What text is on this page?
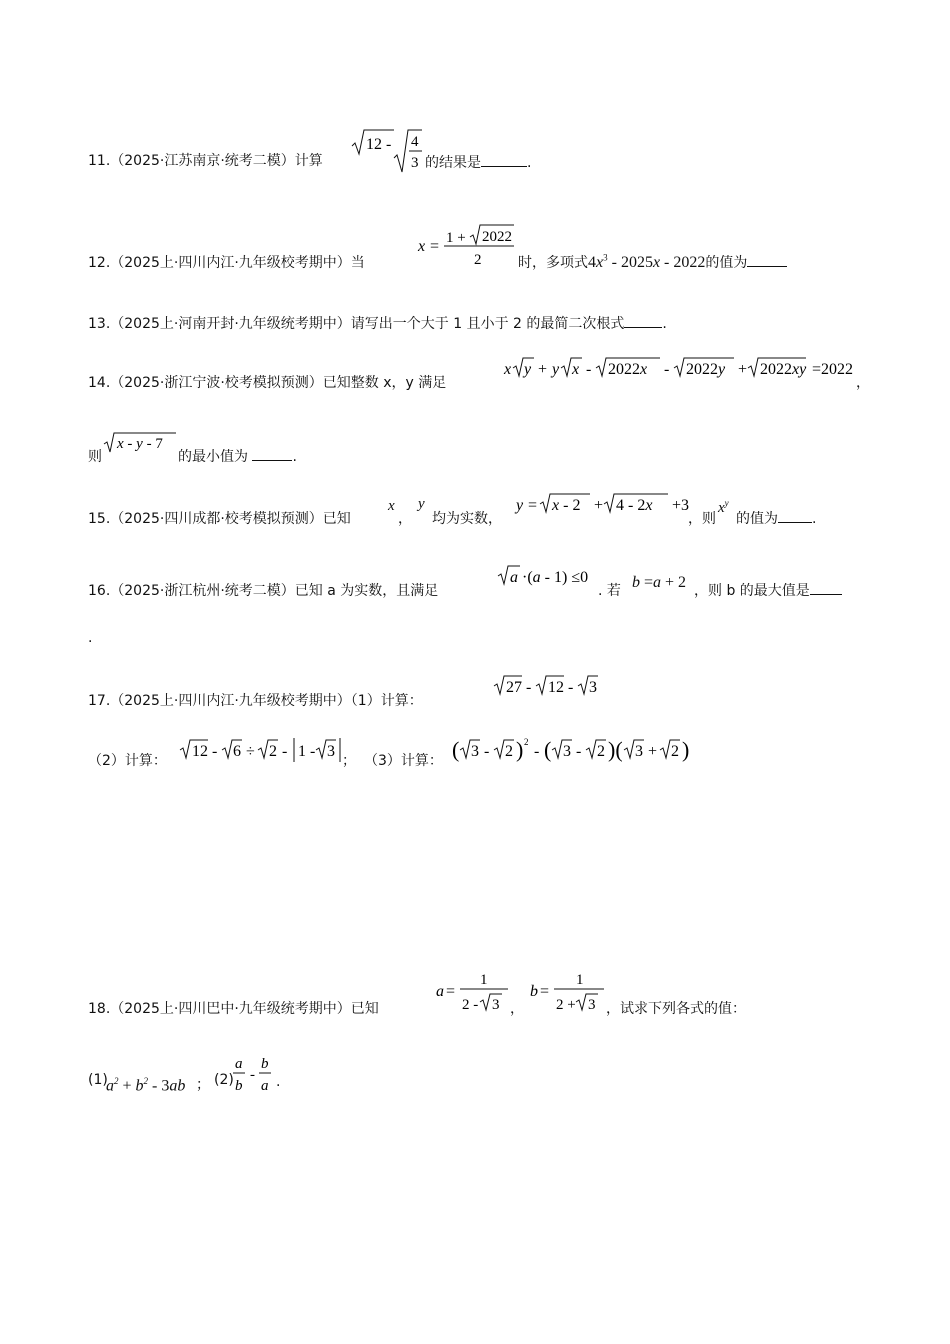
11.（2025·江苏南京·统考二模）计算
12 - 4
3 的结果是	.
12.（2025上·四川内江·九年级校考期中）当
x = 1 + 2022
2	时，多项式$4x^3 - 2025x - 2022$的值为
13.（2025上·河南开封·九年级统考期中）请写出一个大于 1 且小于 2 的最简二次根式	.
14.（2025·浙江宁波·校考模拟预测）已知整数 x，y 满足
x y + y x - 2022x - 2022y + 2022xy =2022
，
则
x - y - 7
的最小值为	.
15.（2025·四川成都·校考模拟预测）已知
x
，
y
均为实数，
y = x - 2 + 4 - 2x +3
，则
$x^y$
的值为 .
16.（2025·浙江杭州·统考二模）已知 a 为实数，且满足
a ·(a - 1) ≤0
. 若 b =a + 2 ，则 b 的最大值是
.
17.（2025上·四川内江·九年级校考期中）（1）计算：
27 - 12 - 3
（2）计算：
12 - 6 ÷ 2 - 1 - 3
； （3）计算： ( 3 - 2 ) 2
- ( 3 - 2 )( 3 + 2 )
18.（2025上·四川巴中·九年级统考期中）已知
a =
1
2 - 3 ，
b =
1
2 + 3 ，试求下列各式的值：
(1)
$a^2 + b^2 - 3ab$ ； (2)
a
b
-
b
a .
